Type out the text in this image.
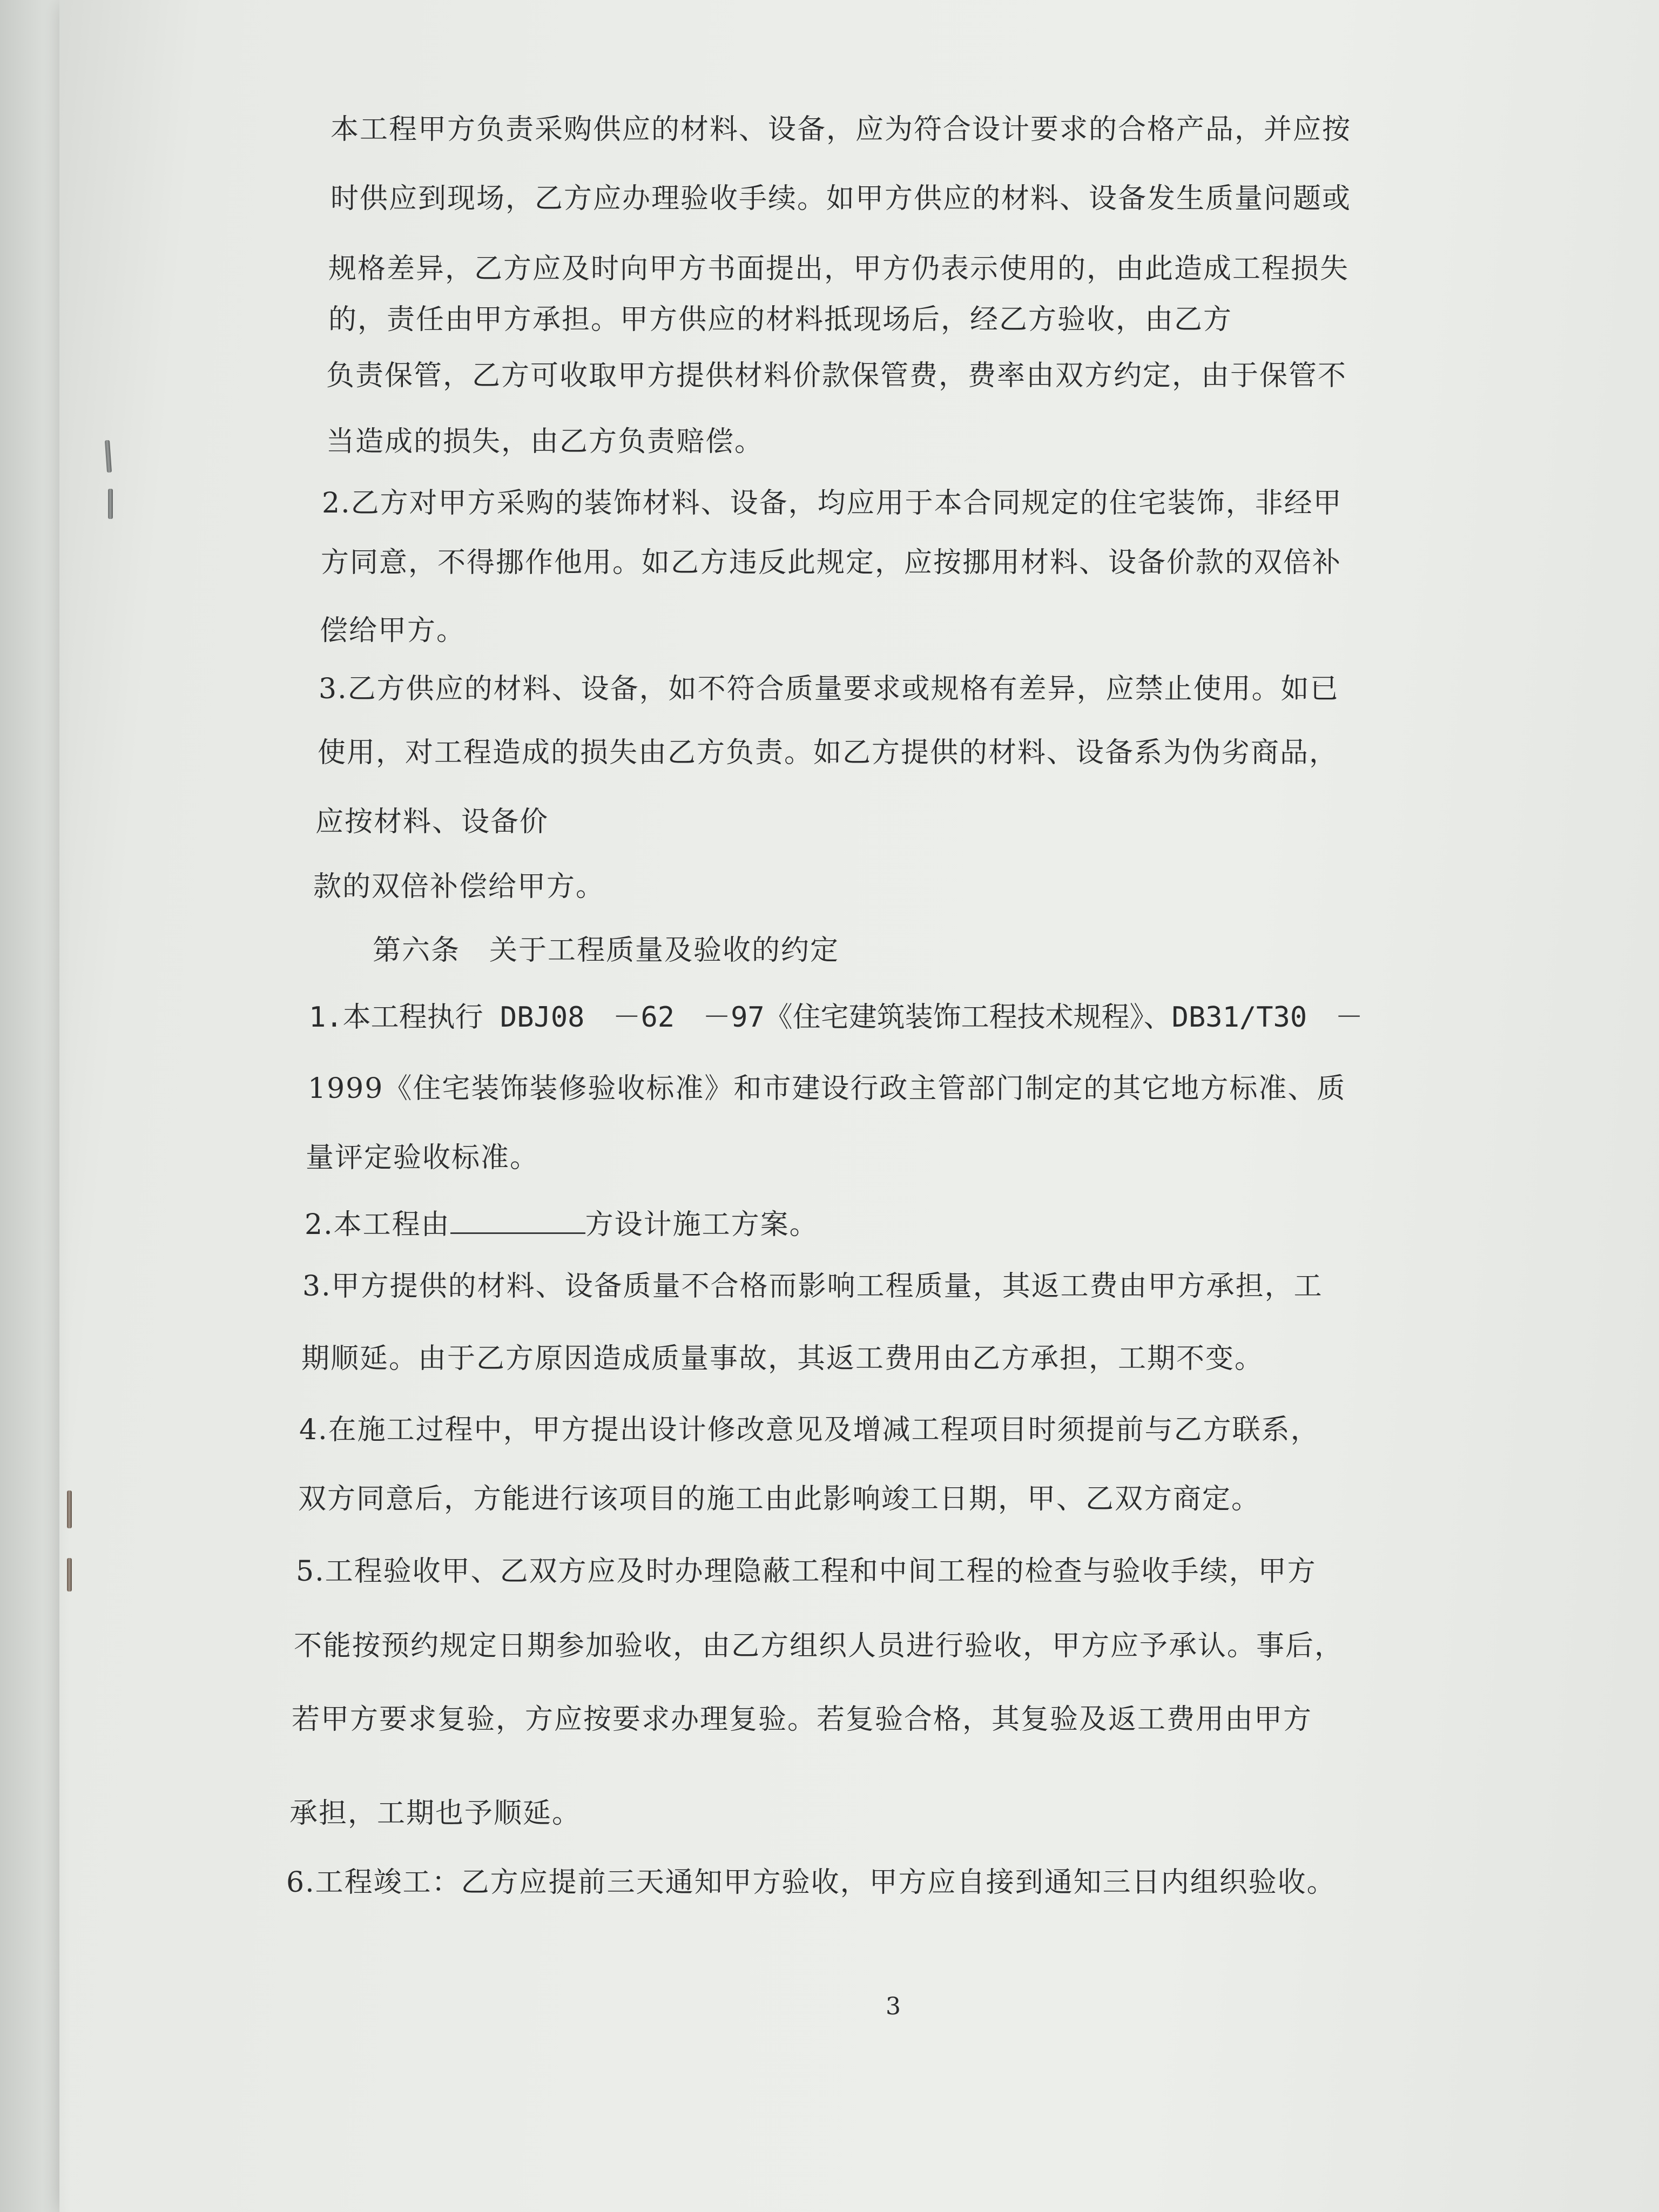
本工程甲方负责采购供应的材料、设备，应为符合设计要求的合格产品，并应按
时供应到现场，乙方应办理验收手续。如甲方供应的材料、设备发生质量问题或
规格差异，乙方应及时向甲方书面提出，甲方仍表示使用的，由此造成工程损失
的，责任由甲方承担。甲方供应的材料抵现场后，经乙方验收，由乙方
负责保管，乙方可收取甲方提供材料价款保管费，费率由双方约定，由于保管不
当造成的损失，由乙方负责赔偿。
2.乙方对甲方采购的装饰材料、设备，均应用于本合同规定的住宅装饰，非经甲
方同意，不得挪作他用。如乙方违反此规定，应按挪用材料、设备价款的双倍补
偿给甲方。
3.乙方供应的材料、设备，如不符合质量要求或规格有差异，应禁止使用。如已
使用，对工程造成的损失由乙方负责。如乙方提供的材料、设备系为伪劣商品，
应按材料、设备价
款的双倍补偿给甲方。
第六条　关于工程质量及验收的约定
1.本工程执行 DBJ08　－62　－97《住宅建筑装饰工程技术规程》、DB31/T30　－
1999《住宅装饰装修验收标准》和市建设行政主管部门制定的其它地方标准、质
量评定验收标准。
2.本工程由	方设计施工方案。
3.甲方提供的材料、设备质量不合格而影响工程质量，其返工费由甲方承担，工
期顺延。由于乙方原因造成质量事故，其返工费用由乙方承担，工期不变。
4.在施工过程中，甲方提出设计修改意见及增减工程项目时须提前与乙方联系，
双方同意后，方能进行该项目的施工由此影响竣工日期，甲、乙双方商定。
5.工程验收甲、乙双方应及时办理隐蔽工程和中间工程的检查与验收手续，甲方
不能按预约规定日期参加验收，由乙方组织人员进行验收，甲方应予承认。事后，
若甲方要求复验，方应按要求办理复验。若复验合格，其复验及返工费用由甲方
承担，工期也予顺延。
6.工程竣工：乙方应提前三天通知甲方验收，甲方应自接到通知三日内组织验收。
3
